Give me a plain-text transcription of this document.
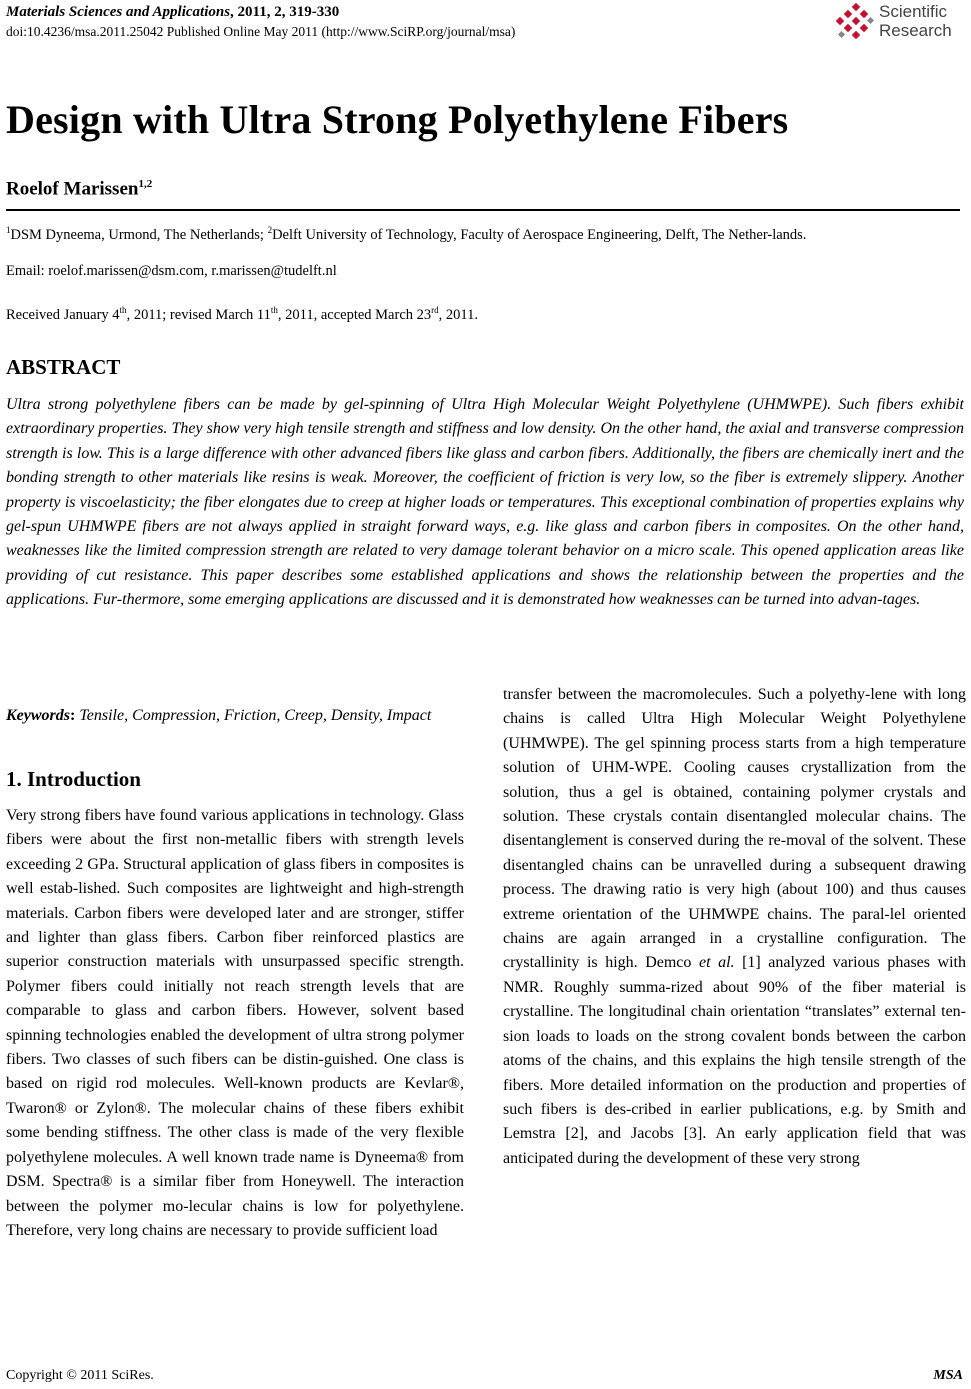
Materials Sciences and Applications, 2011, 2, 319-330
doi:10.4236/msa.2011.25042 Published Online May 2011 (http://www.SciRP.org/journal/msa)
Scientific
Research
Design with Ultra Strong Polyethylene Fibers
Roelof Marissen$^{1,2}$
$^1$DSM Dyneema, Urmond, The Netherlands; $^2$Delft University of Technology, Faculty of Aerospace Engineering, Delft, The Nether-lands.
Email: roelof.marissen@dsm.com, r.marissen@tudelft.nl
Received January 4th, 2011; revised March 11th, 2011, accepted March 23rd, 2011.
ABSTRACT
Ultra strong polyethylene fibers can be made by gel-spinning of Ultra High Molecular Weight Polyethylene (UHMWPE). Such fibers exhibit extraordinary properties. They show very high tensile strength and stiffness and low density. On the other hand, the axial and transverse compression strength is low. This is a large difference with other advanced fibers like glass and carbon fibers. Additionally, the fibers are chemically inert and the bonding strength to other materials like resins is weak. Moreover, the coefficient of friction is very low, so the fiber is extremely slippery. Another property is viscoelasticity; the fiber elongates due to creep at higher loads or temperatures. This exceptional combination of properties explains why gel-spun UHMWPE fibers are not always applied in straight forward ways, e.g. like glass and carbon fibers in composites. On the other hand, weaknesses like the limited compression strength are related to very damage tolerant behavior on a micro scale. This opened application areas like providing of cut resistance. This paper describes some established applications and shows the relationship between the properties and the applications. Fur-thermore, some emerging applications are discussed and it is demonstrated how weaknesses can be turned into advan-tages.
Keywords: Tensile, Compression, Friction, Creep, Density, Impact
1. Introduction
Very strong fibers have found various applications in technology. Glass fibers were about the first non-metallic fibers with strength levels exceeding 2 GPa. Structural application of glass fibers in composites is well estab-lished. Such composites are lightweight and high-strength materials. Carbon fibers were developed later and are stronger, stiffer and lighter than glass fibers. Carbon fiber reinforced plastics are superior construction materials with unsurpassed specific strength. Polymer fibers could initially not reach strength levels that are comparable to glass and carbon fibers. However, solvent based spinning technologies enabled the development of ultra strong polymer fibers. Two classes of such fibers can be distin-guished. One class is based on rigid rod molecules. Well-known products are Kevlar®, Twaron® or Zylon®. The molecular chains of these fibers exhibit some bending stiffness. The other class is made of the very flexible polyethylene molecules. A well known trade name is Dyneema® from DSM. Spectra® is a similar fiber from Honeywell. The interaction between the polymer mo-lecular chains is low for polyethylene. Therefore, very long chains are necessary to provide sufficient load
transfer between the macromolecules. Such a polyethy-lene with long chains is called Ultra High Molecular Weight Polyethylene (UHMWPE). The gel spinning process starts from a high temperature solution of UHM-WPE. Cooling causes crystallization from the solution, thus a gel is obtained, containing polymer crystals and solution. These crystals contain disentangled molecular chains. The disentanglement is conserved during the re-moval of the solvent. These disentangled chains can be unravelled during a subsequent drawing process. The drawing ratio is very high (about 100) and thus causes extreme orientation of the UHMWPE chains. The paral-lel oriented chains are again arranged in a crystalline configuration. The crystallinity is high. Demco et al. [1] analyzed various phases with NMR. Roughly summa-rized about 90% of the fiber material is crystalline. The longitudinal chain orientation “translates” external ten-sion loads to loads on the strong covalent bonds between the carbon atoms of the chains, and this explains the high tensile strength of the fibers. More detailed information on the production and properties of such fibers is des-cribed in earlier publications, e.g. by Smith and Lemstra [2], and Jacobs [3]. An early application field that was anticipated during the development of these very strong
Copyright © 2011 SciRes.	MSA
